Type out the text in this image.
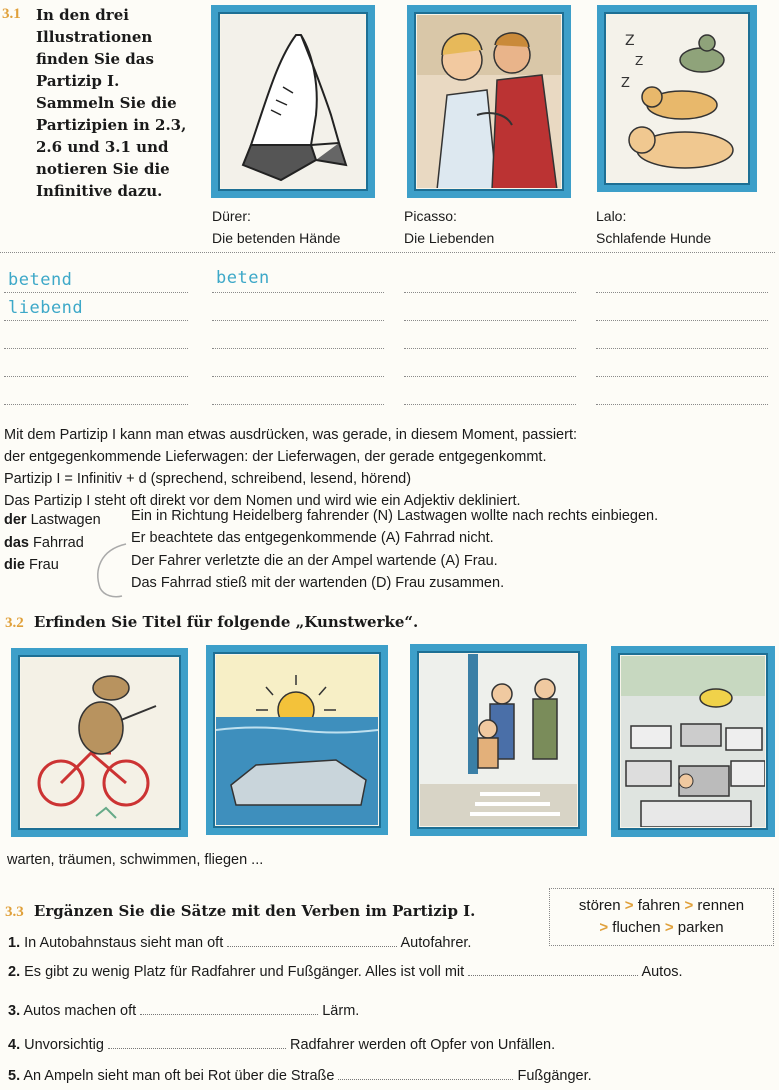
3.1 In den drei
Illustrationen
finden Sie das
Partizip I.
Sammeln Sie die
Partizipien in 2.3,
2.6 und 3.1 und
notieren Sie die
Infinitive dazu.
Dürer:
Die betenden Hände
Picasso:
Die Liebenden
Z
Z
Z
Lalo:
Schlafende Hunde
betend	beten
liebend
Mit dem Partizip I kann man etwas ausdrücken, was gerade, in diesem Moment, passiert:
der entgegenkommende Lieferwagen: der Lieferwagen, der gerade entgegenkommt.
Partizip I = Infinitiv + d (sprechend, schreibend, lesend, hörend)
Das Partizip I steht oft direkt vor dem Nomen und wird wie ein Adjektiv dekliniert.
der Lastwagen
das Fahrrad
die Frau
Ein in Richtung Heidelberg fahrender (N) Lastwagen wollte nach rechts einbiegen.
Er beachtete das entgegenkommende (A) Fahrrad nicht.
Der Fahrer verletzte die an der Ampel wartende (A) Frau.
Das Fahrrad stieß mit der wartenden (D) Frau zusammen.
3.2 Erfinden Sie Titel für folgende „Kunstwerke“.
warten, träumen, schwimmen, fliegen ...
3.3 Ergänzen Sie die Sätze mit den Verben im Partizip I.	stören > fahren > rennen
> fluchen > parken
1. In Autobahnstaus sieht man oft	Autofahrer.
2. Es gibt zu wenig Platz für Radfahrer und Fußgänger. Alles ist voll mit	Autos.
3. Autos machen oft	Lärm.
4. Unvorsichtig	Radfahrer werden oft Opfer von Unfällen.
5. An Ampeln sieht man oft bei Rot über die Straße	Fußgänger.
